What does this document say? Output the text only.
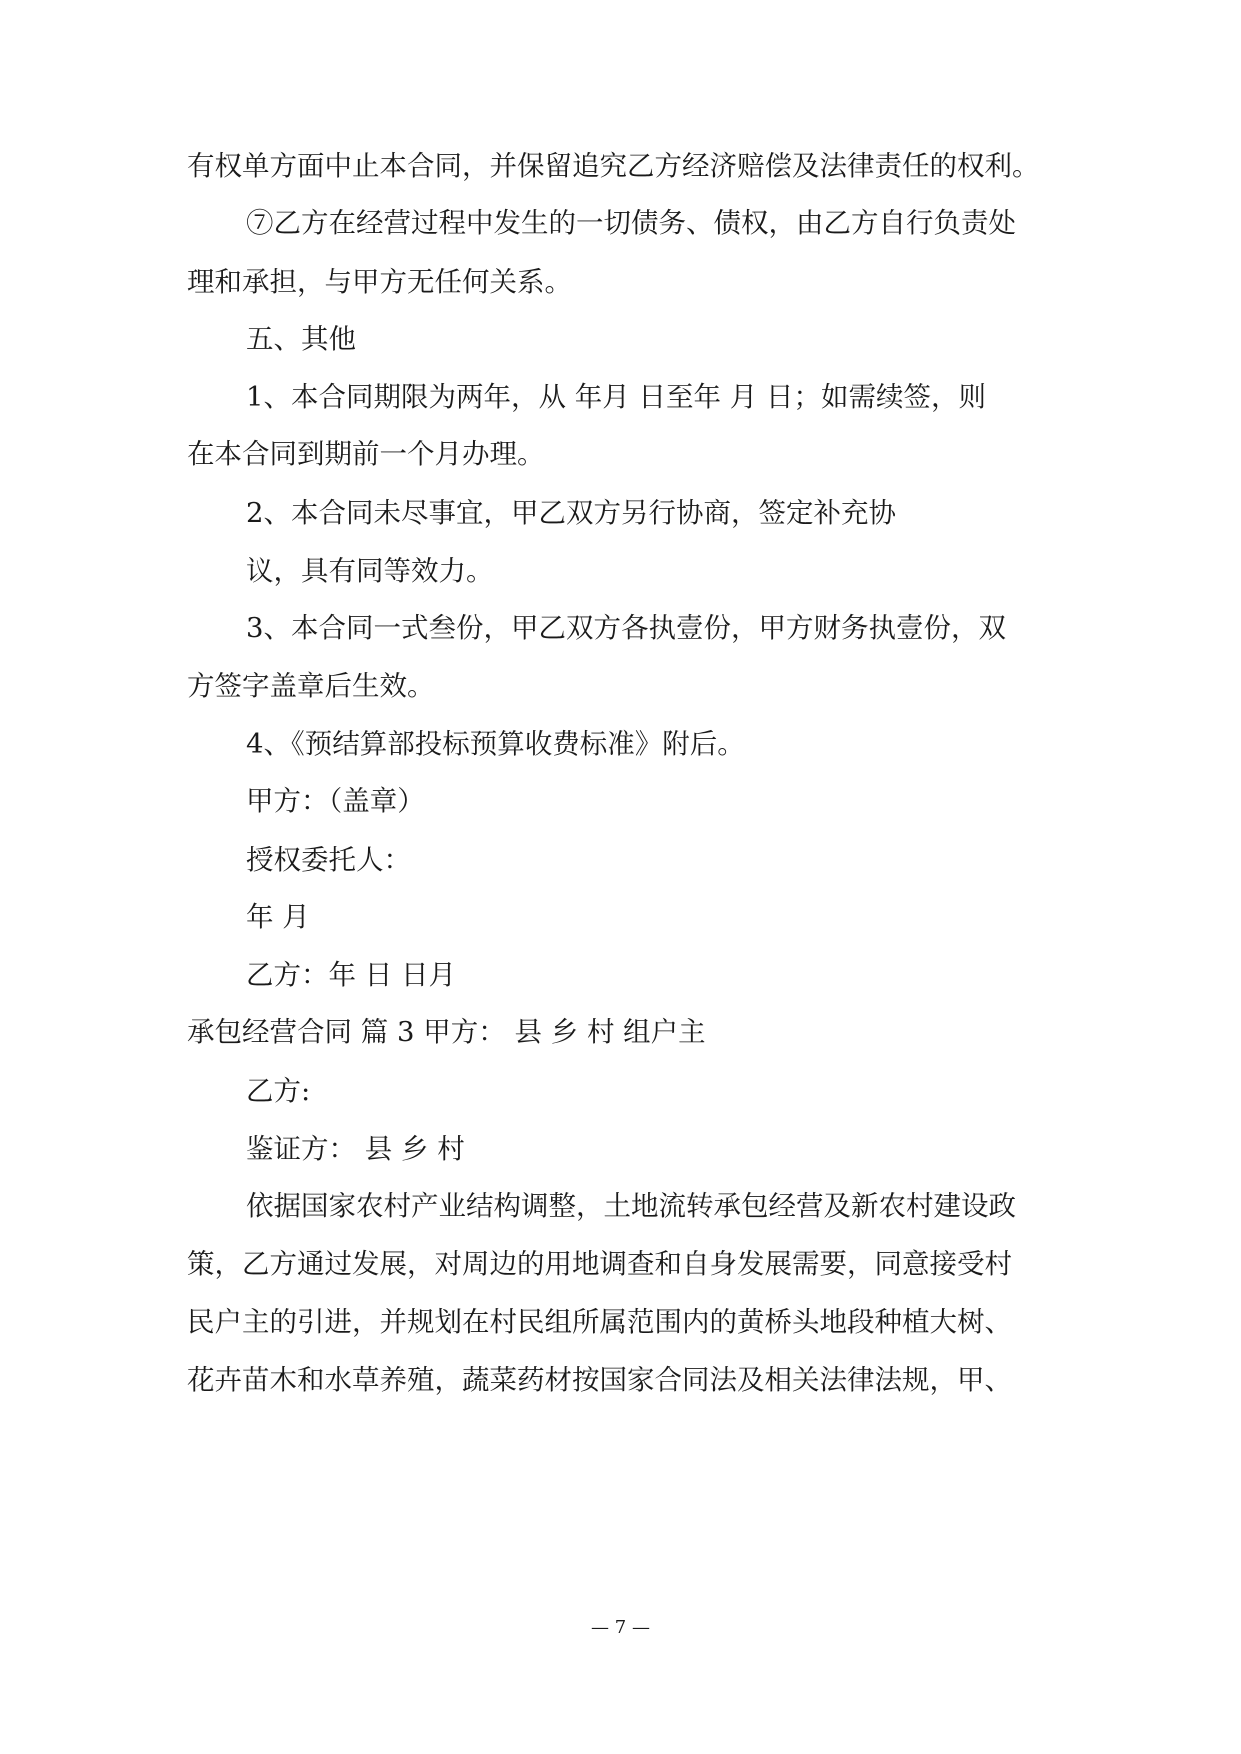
有权单方面中止本合同，并保留追究乙方经济赔偿及法律责任的权利。
⑦乙方在经营过程中发生的一切债务、债权，由乙方自行负责处
理和承担，与甲方无任何关系。
五、其他
1、本合同期限为两年，从 年月 日至年 月 日；如需续签，则
在本合同到期前一个月办理。
2、本合同未尽事宜，甲乙双方另行协商，签定补充协
议，具有同等效力。
3、本合同一式叁份，甲乙双方各执壹份，甲方财务执壹份，双
方签字盖章后生效。
4、《预结算部投标预算收费标准》附后。
甲方：（盖章）
授权委托人：
年 月
乙方：年 日 日月
承包经营合同 篇 3 甲方： 县 乡 村 组户主
乙方:
鉴证方： 县 乡 村
依据国家农村产业结构调整，土地流转承包经营及新农村建设政
策，乙方通过发展，对周边的用地调查和自身发展需要，同意接受村
民户主的引进，并规划在村民组所属范围内的黄桥头地段种植大树、
花卉苗木和水草养殖，蔬菜药材按国家合同法及相关法律法规，甲、
— 7 —
